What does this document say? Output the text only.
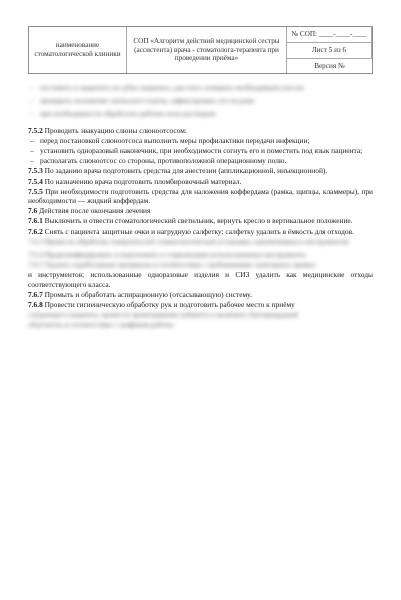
наименование стоматологической клиники
СОП «Алгоритм действий медицинской сестры (ассистента) врача - стоматолога-терапевта при проведении приёма»
№ СОП: ____-____-____
Лист 5 из 6
Версия №
– поставить и закрепить на зубах пациента, для этого отмерить необходимый участок
– проверить положение латексного платка, зафиксировать его на раме
– при необходимости обработать рабочее поле раствором
7.5.2 Проводить эвакуацию слюны слюноотсосом:
– перед постановкой слюноотсоса выполнить меры профилактики передачи инфекции;
– установить одноразовый наконечник, при необходимости согнуть его и поместить под язык пациента;
– располагать слюноотсос со стороны, противоположной операционному полю.
7.5.3 По заданию врача подготовить средства для анестезии (аппликационной, инъекционной).
7.5.4 По назначению врача подготовить пломбировочный материал.
7.5.5 При необходимости подготовить средства для наложения коффердама (рамка, щипцы, кламмеры), при необходимости — жидкий коффердам.
7.6 Действия после окончания лечения
7.6.1 Выключить и отвести стоматологический светильник, вернуть кресло в вертикальное положение.
7.6.2 Снять с пациента защитные очки и нагрудную салфетку; салфетку удалить в ёмкость для отходов.
7.6.3 Провести обработку поверхностей стоматологической установки, наконечников и инструментов
7.6.4 Продезинфицировать и подготовить к стерилизации использованные инструменты
7.6.5 Удалить отработанные материалы в соответствии с требованиями санитарных правил
и инструментов; использованные одноразовые изделия и СИЗ удалить как медицинские отходы соответствующего класса.
7.6.7 Промыть и обработать аспирационную (отсасывающую) систему.
7.6.8 Провести гигиеническую обработку рук и подготовить рабочее место к приёму
следующего пациента, провести проветривание кабинета и включить бактерицидный
облучатель в соответствии с графиком работы
